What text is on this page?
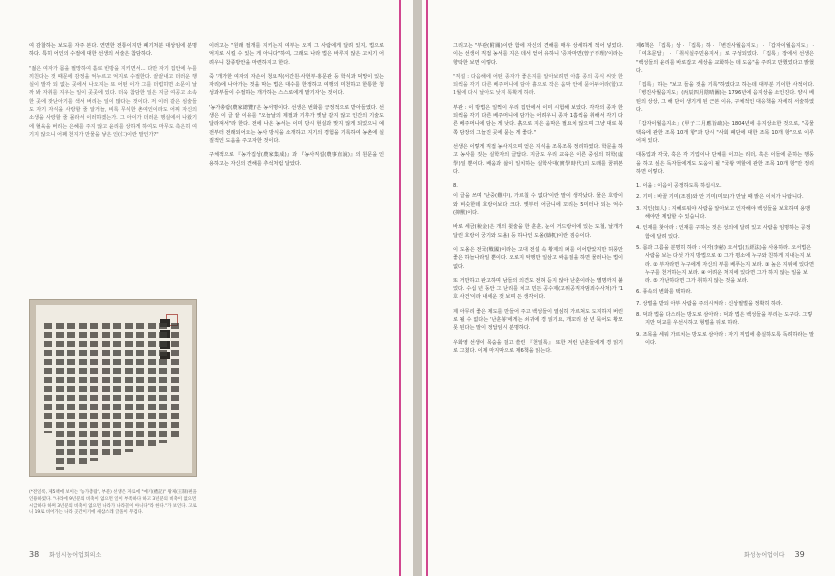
여 감찰하는 보도를 자주 본다. 연면한 전통이지만 폐기처분 대상임에 분명하다. 특히 어인의 수절에 대한 선생의 서술은 참담하다.

"젊은 여자가 몸을 필망하여 홀로 빈방을 지키면서… 다만 자기 집안에 누를 끼친다는 것 때문에 감정을 억누르고 억지로 수절한다. 끝끝내고 더러운 행실이 발각 되 없는 곳에서 나오지는 또 어떤 이가 그를 더럽히면 소문이 날까 봐 자취를 지우는 일이 곳곳에 있다. 더욱 참담한 일은 지금 여공고 소속한 곳에 잣난아기를 색서 버리는 일이 많다는 것이다. 저 이러 같은 심술들도 자기 자식을 사랑할 줄 알거늘, 비록 무식한 촌여인이라도 어찌 자신의 소생을 사랑할 줄 몰라서 이러하겠는가. 그 아이가 더러운 행실에서 나왔기에 혈육을 버리는 은혜를 주지 않고 윤리를 상하게 하여도 마무도 측은히 여기지 않으니 어째 천지가 만물을 낳은 인(仁)이란 말인가?"

이러고는 "원래 절개를 지키는지 여부는 오직 그 사람에게 달려 있지, 법으로 억지로 시킬 수 있는 게 아니다"하여, 그래도 나라 법은 바루지 않은 고치기 어려우니 참종방안을 마련하지고 한다.

죽 '개가한 여자의 자손이 청요직(서간원·사헌부·홍문관 등 학식과 덕망이 있는 자리)에 나아가는 것을 막는 법은 대수를 한정하고 여행의 미천하고 한통한 청성과부들이 수절하는 개가하는 스스로에게 맡기자'는 것이다.

'농가총람(農家總覽)'은 농서명이다. 선생은 번화를 긍정적으로 받아들였다. 선생은 이 글 끝 이유를 "오늘날의 제절과 기후가 옛날 같지 않고 인간의 기술도 달라져서"라 한다. 전에 나온 농서는 이미 당시 현실과 맞지 않게 되었으니 예전부터 전래되어오는 농사 방식을 소개하고 지기의 경험을 기록하여 농촌에 실질적인 도움을 주고자한 것이다.

구체적으로 『농가집성(農家集成)』과 『농사직설(農事直說)』의 원문을 인용하고는 자신의 견해를 추석처럼 달았다.

(*전일록, 제5책에 보이는 '농가총람', 부분) 선생은 자료에 "예기(禮記)" 왕제(王制)편을 인용하였다. "나라에 9년분의 비축이 없으면 일이 부족하다 하고 3년분의 비축이 없으면 시급하다 하며 3년분의 비축이 없으면 나라가 나라꼴이 아니다"라 한다."가 보인다. 고로니 19로 비어가는 나라 곳간이기에 새삼스레 글올이 무겁다.
38 화성시농어업회의소

그리고는 "부관(附關)이란 함에 자신의 견해를 매우 상세하게 적어 넣었다. 이는 선생이 직접 농서를 지은 데서 얻어 유하니 '증자마면(曾子不理)'이라는 향탁한 보면 이렇다.

"직설 : 다음해에 어떤 종자가 좋은지를 알아보려면 아홉 종의 곡식 씨앗 한 되씩을 각기 다른 베주머니에 담아 흙으로 작은 움막 안에 묻어두어라(합)고 1월에 다시 날아도 낮지 똑확게 하라.

부관 : 이 방법은 일찍이 우리 집안에서 이미 시험해 보았다. 각각의 종자 한 되씩을 각기 다른 베주머니에 담가는 어려우니 종자 1홉씩을 취해서 각기 다른 베주머니에 담는 게 낫다. 흙으로 지은 움막은 필요치 않으며 그냥 대로 북쪽 담장의 그늘진 곳에 묻는 게 좋다."

선생은 이렇게 직접 농사지으며 얻은 지식을 조목조목 정리하였다. 학문을 하고 농사를 짓는 실학자의 글답다. 지금도 우리 교육은 이른 중심의 허학(虛學)일 뿐이다. 배움과 삶이 일치하는 실학사대(實學時代)의 도래를 꿈꿔본다.

8.

이 글을 쓰며 '난중(難中), 가르칠 수 없다'이란 말이 생각났다. 물은 호랑이와 비슷한데 호랑이보다 크다. 옛부터 어금니에 꼬리는 5미터나 되는 억수(抑獸)이다.

바로 세금(稅金)은 개의 윗술을 한 훈훈, 눈이 거드랑이에 있는 도철, 날개가 달린 호랑이 궁기와 도올) 등 하나인 도올(檮杌)이란 짐승이다.

이 도올은 전국(戰國)이라는 고대 전설 속 황제의 퍼를 이어받았지만 허풍만 좋은 하늘나라일 뿐이다. 오로지 악행만 일삼고 싸움질을 하면 물러나는 법이 없다.

또 거만하고 완고하며 남들의 의견도 전혀 듣지 않아 난훈이라는 별명까지 붙었다. 수십 년 동안 그 난리를 치고 민든 공수제(고위공직자범죄수사처)가 '1호 사건'이라 내세운 것 보며 든 생각이다.

제 아무리 좋은 제도를 만들어 주고 백성들이 열심히 가르쳐도 도지하지 버린로 될 수 없다는 '난훈봉'에게는 쇠귀에 경 읽기요, 개꼬리 삼 년 묵어도 황모 못 된다는 말이 정답임시 분명하다.

우화영 선생이 목숨을 걸고 쓸린 『천일록』 또한 저런 난훈들에게 경 읽기로 그쳤다. 이제 마지막으로 제6책을 읽는다.

제6책은 「집록」상 · 「집록」하 · 「변진사월음지도」 · 「갑자이월음지도」 · 「여초문답」 · 「취식실주민용지서」로 구성되었다. 「집록」장에서 선생은 "백성들의 윤리를 바로잡고 세상을 교화하는 데 도움"을 주려고 만했었다고 밝혔다.

「집록」하는 "보고 들을 것을 기록"하였다고 하는데 대부분 기이한 사적이다. 「병진사월음지도」(丙辰四月陰晴圖)는 1796년에 음지상을 소인진다. 양시 베틴의 상상, 그 해 단이 생기게 된 근본 이유, 구체적인 대응책을 자세히 서술하였다.

「갑자이월음지소」(甲子二月應旨疏)는 1804년에 응지상소한 것으로, "곡물 택육에 관한 조목 10개 항"과 당시 "사회 폐단에 대한 조목 10개 항"으로 이루어져 있다.

대동업과 각국, 혹은 각 기업이나 단체를 이끄는 리더, 혹은 이들에 준하는 행동을 하고 싶은 독자들에게도 도움이 될 "국왕 역할에 관한 조목 10개 항"만 정리하면 이렇다.

1. 이윰 : 이음이 공정하도록 하십시오.
2. 기미 : 바꿀 기미(조짐)와 안 기미(미묘)가 만날 때 밝은 이치가 나탑니다.
3. 지인(知人) : 지혜로워야 사람을 알아보고 인자해야 백성들을 보호하며 용맹해야만 제압할 수 있습니다.
4. 인재를 찾아라 : 인재를 구하는 것은 성의에 달려 있고 사람을 임명하는 공정함에 달려 있다.
5. 몸과 그름을 분명히 하라 : 이각(李慈) 오서업(五經法)을 사용하라. 오서법은 사람을 보는 다섯 가지 방법으로 ① 그가 평소에 누구와 친하게 지내는지 보라. ② 부자라면 누구에게 자신의 부를 베푸는지 보라. ③ 높은 지위에 있다면 누구를 천거하는지 보라. ④ 어려운 처지에 있다면 그가 하지 않는 일을 보라. ⑤ 가난하다면 그가 취하지 않는 것을 보라.
6. 풍속의 변화를 택하라.
7. 상벌을 받되 아부 사람을 주의시켜라 : 신상필벌을 정확히 하라.
8. 덕과 법을 다스리는 방도로 삼아라 : 덕과 법은 백성들을 부리는 도구다. 그렇지만 덕교를 우선시하고 형벌을 뒤로 하라.
9. 조목을 세워 가르치는 방도로 삼아라 : 자기 직업에 충실하도록 독려하라는 말이다.
화성농어업이다 39
